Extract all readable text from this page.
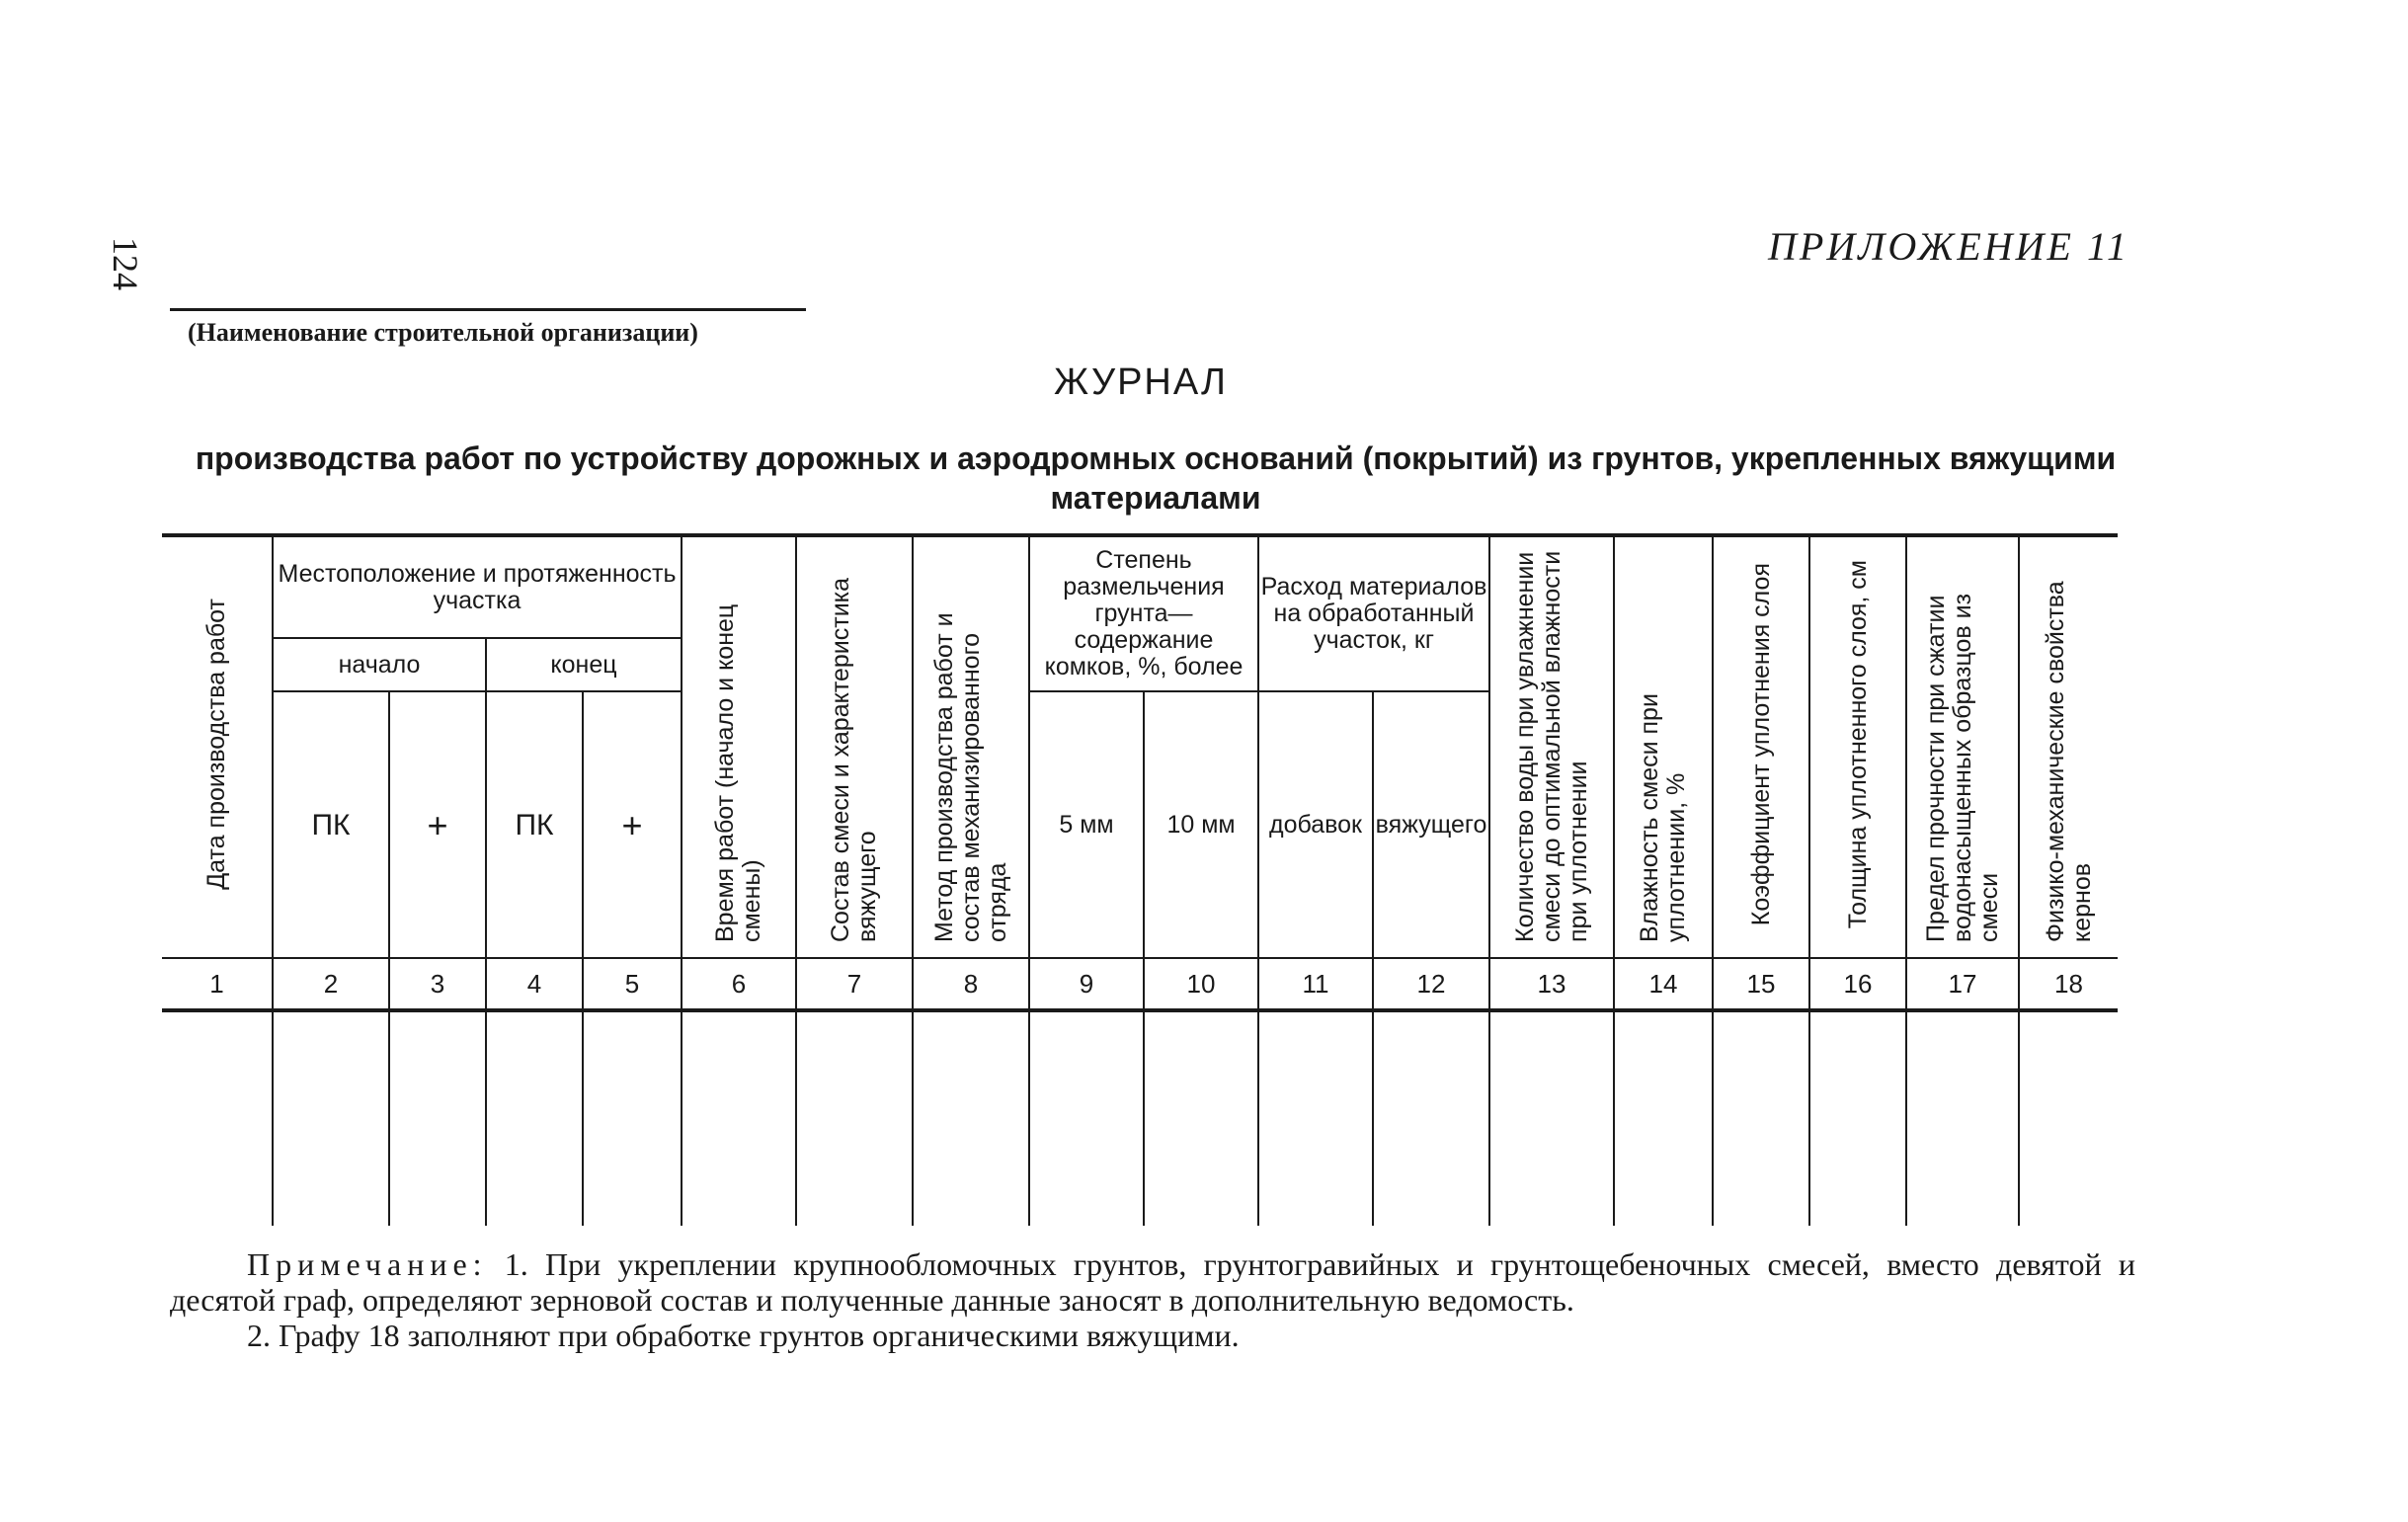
124	ПРИЛОЖЕНИЕ 11
(Наименование строительной организации)
ЖУРНАЛ
производства работ по устройству дорожных и аэродромных оснований (покрытий) из грунтов, укрепленных вяжущими материалами
Дата производства работ	Местоположение и протяженность участка				Время работ (начало и конец смены)	Состав смеси и характеристика вяжущего	Метод производства работ и состав механизированного отряда	Степень размельчения грунта—содержание комков, %, более		Расход материалов на обработанный участок, кг		Количество воды при увлажнении смеси до оптимальной влажности при уплотнении	Влажность смеси при уплотнении, %	Коэффициент уплотнения слоя	Толщина уплотненного слоя, см	Предел прочности при сжатии водонасыщенных образцов из смеси	Физико-механические свойства кернов
	начало		конец														
	ПК	+	ПК	+				5 мм	10 мм	добавок	вяжущего						
1	2	3	4	5	6	7	8	9	10	11	12	13	14	15	16	17	18

Примечание: 1. При укреплении крупнообломочных грунтов, грунтогравийных и грунтощебеночных смесей, вместо девятой и десятой граф, определяют зерновой состав и полученные данные заносят в дополнительную ведомость.

2. Графу 18 заполняют при обработке грунтов органическими вяжущими.
